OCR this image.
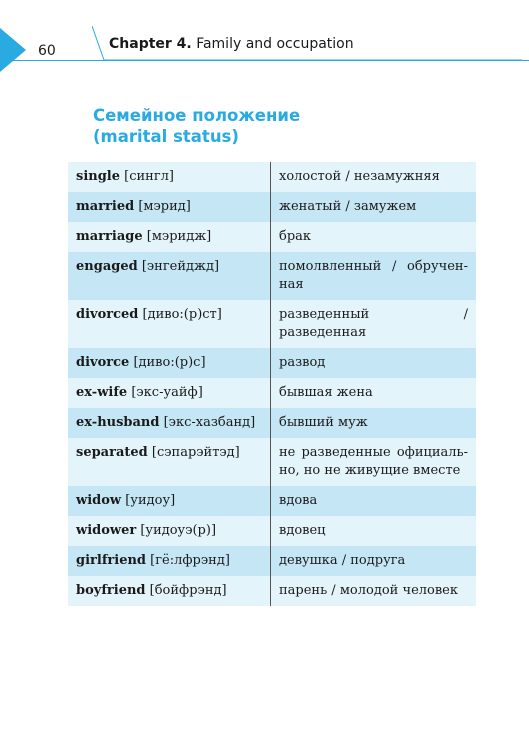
60	Chapter 4. Family and occupation
Семейное положение
(marital status)
single [сингл]	холостой / незамужняя
married [мэрид]	женатый / замужем
marriage [мэридж]	брак
engaged [энгейджд]	помолвленный / обручен-ная
divorced [диво:(р)ст]	разведенный / разведенная
divorce [диво:(р)с]	развод
ex-wife [экс-уайф]	бывшая жена
ex-husband [экс-хазбанд]	бывший муж
separated [сэпарэйтэд]	не разведенные официаль-но, но не живущие вместе
widow [уидоу]	вдова
widower [уидоуэ(р)]	вдовец
girlfriend [гё:лфрэнд]	девушка / подруга
boyfriend [бойфрэнд]	парень / молодой человек
